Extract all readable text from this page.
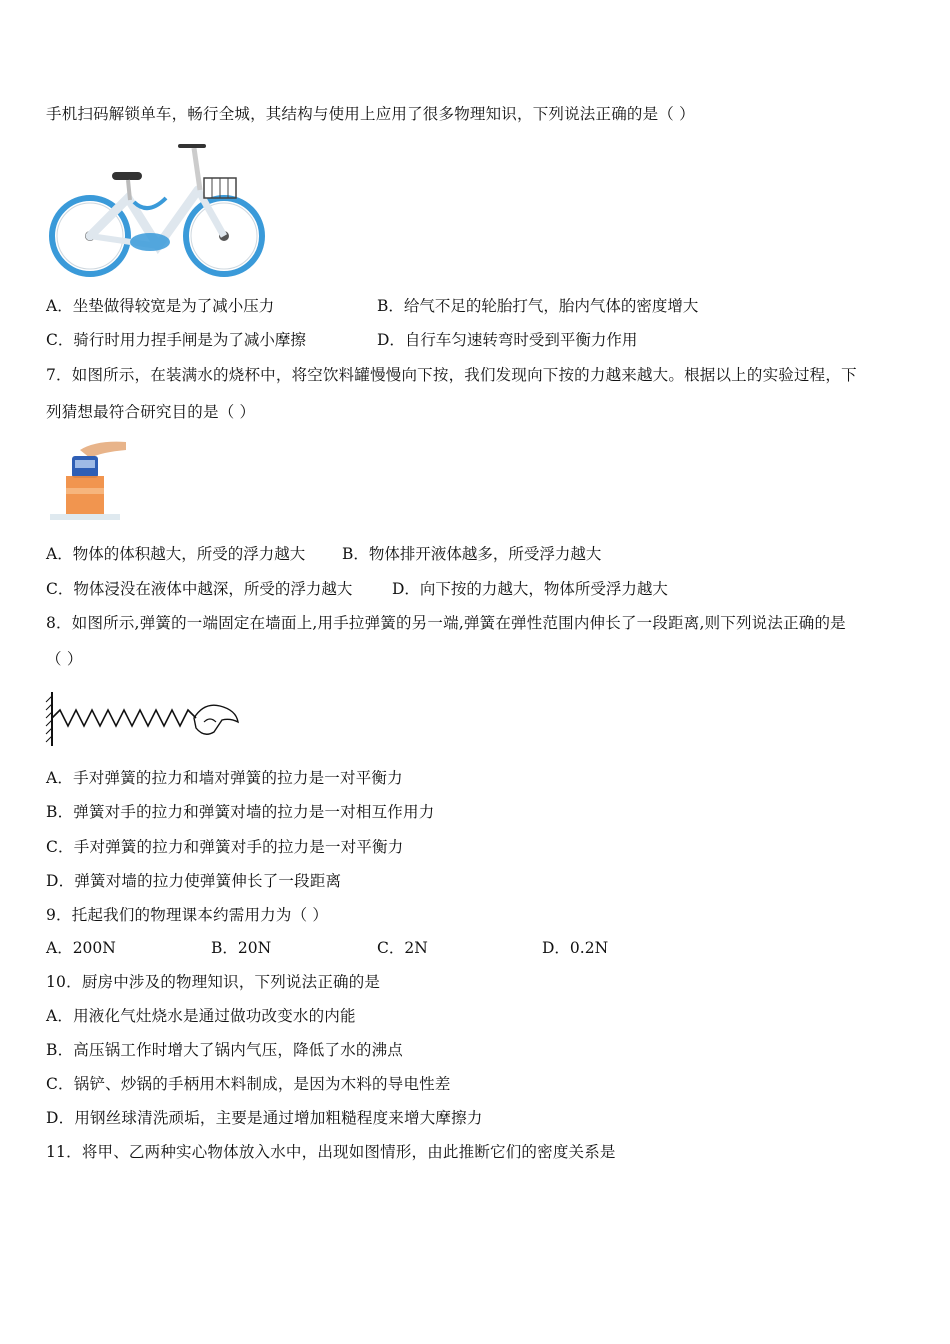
手机扫码解锁单车，畅行全城，其结构与使用上应用了很多物理知识，下列说法正确的是（ ）
A．坐垫做得较宽是为了减小压力	B．给气不足的轮胎打气，胎内气体的密度增大
C．骑行时用力捏手闸是为了减小摩擦	D．自行车匀速转弯时受到平衡力作用
7．如图所示，在装满水的烧杯中，将空饮料罐慢慢向下按，我们发现向下按的力越来越大。根据以上的实验过程，下
列猜想最符合研究目的是（ ）
A．物体的体积越大，所受的浮力越大 B．物体排开液体越多，所受浮力越大
C．物体浸没在液体中越深，所受的浮力越大	D．向下按的力越大，物体所受浮力越大
8．如图所示,弹簧的一端固定在墙面上,用手拉弹簧的另一端,弹簧在弹性范围内伸长了一段距离,则下列说法正确的是
（ ）
A．手对弹簧的拉力和墙对弹簧的拉力是一对平衡力
B．弹簧对手的拉力和弹簧对墙的拉力是一对相互作用力
C．手对弹簧的拉力和弹簧对手的拉力是一对平衡力
D．弹簧对墙的拉力使弹簧伸长了一段距离
9．托起我们的物理课本约需用力为（ ）
A．200N	B．20N	C．2N	D．0.2N
10．厨房中涉及的物理知识，下列说法正确的是
A．用液化气灶烧水是通过做功改变水的内能
B．高压锅工作时增大了锅内气压，降低了水的沸点
C．锅铲、炒锅的手柄用木料制成，是因为木料的导电性差
D．用钢丝球清洗顽垢，主要是通过增加粗糙程度来增大摩擦力
11．将甲、乙两种实心物体放入水中，出现如图情形，由此推断它们的密度关系是
